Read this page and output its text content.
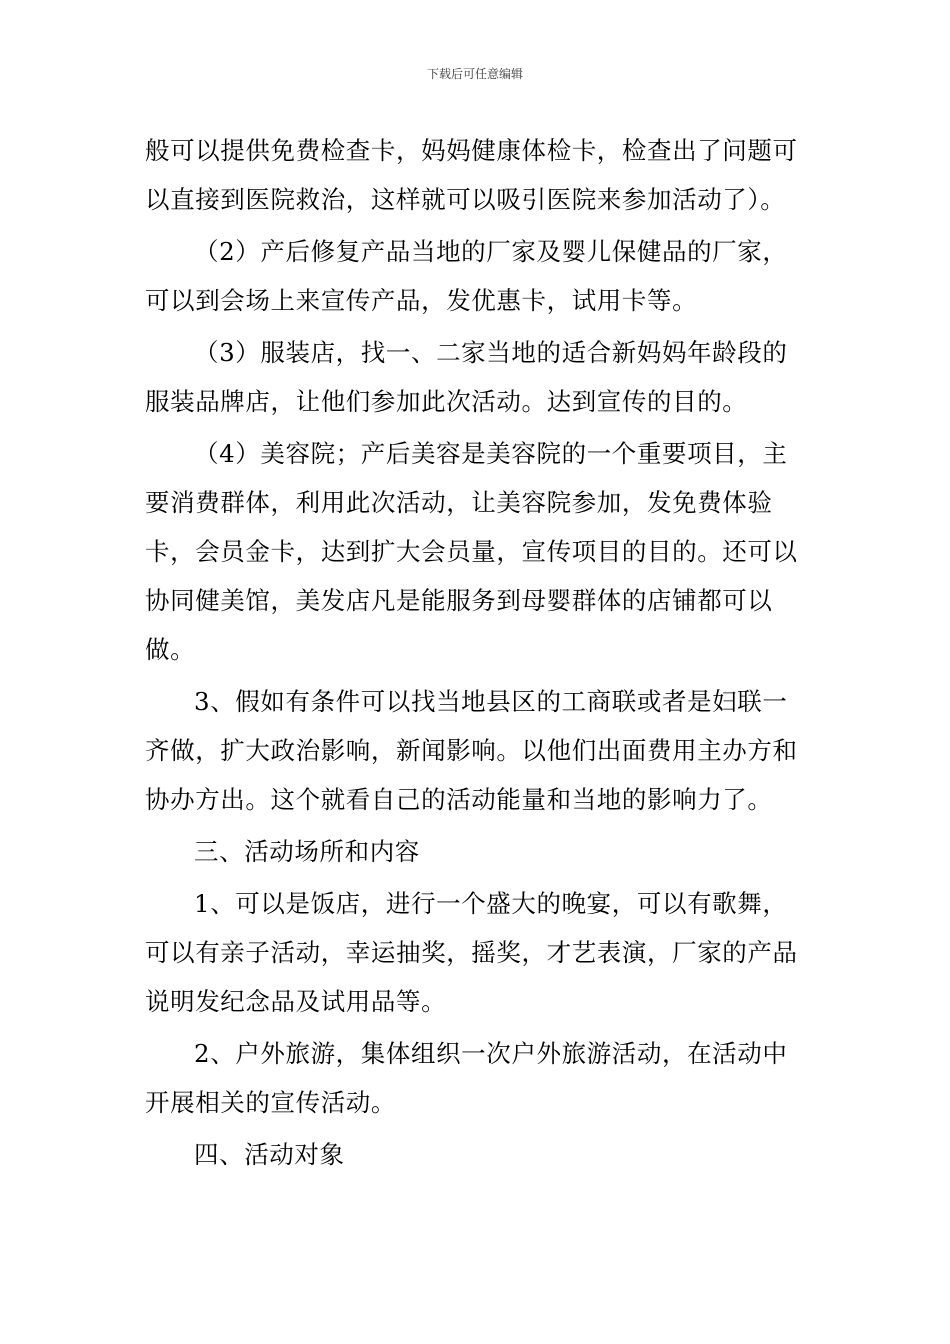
下载后可任意编辑

般可以提供免费检查卡，妈妈健康体检卡，检查出了问题可以直接到医院救治，这样就可以吸引医院来参加活动了）。

（2）产后修复产品当地的厂家及婴儿保健品的厂家，可以到会场上来宣传产品，发优惠卡，试用卡等。

（3）服装店，找一、二家当地的适合新妈妈年龄段的服装品牌店，让他们参加此次活动。达到宣传的目的。

（4）美容院；产后美容是美容院的一个重要项目，主要消费群体，利用此次活动，让美容院参加，发免费体验卡，会员金卡，达到扩大会员量，宣传项目的目的。还可以协同健美馆，美发店凡是能服务到母婴群体的店铺都可以做。

3、假如有条件可以找当地县区的工商联或者是妇联一齐做，扩大政治影响，新闻影响。以他们出面费用主办方和协办方出。这个就看自己的活动能量和当地的影响力了。

三、活动场所和内容

1、可以是饭店，进行一个盛大的晚宴，可以有歌舞，可以有亲子活动，幸运抽奖，摇奖，才艺表演，厂家的产品说明发纪念品及试用品等。

2、户外旅游，集体组织一次户外旅游活动，在活动中开展相关的宣传活动。

四、活动对象
